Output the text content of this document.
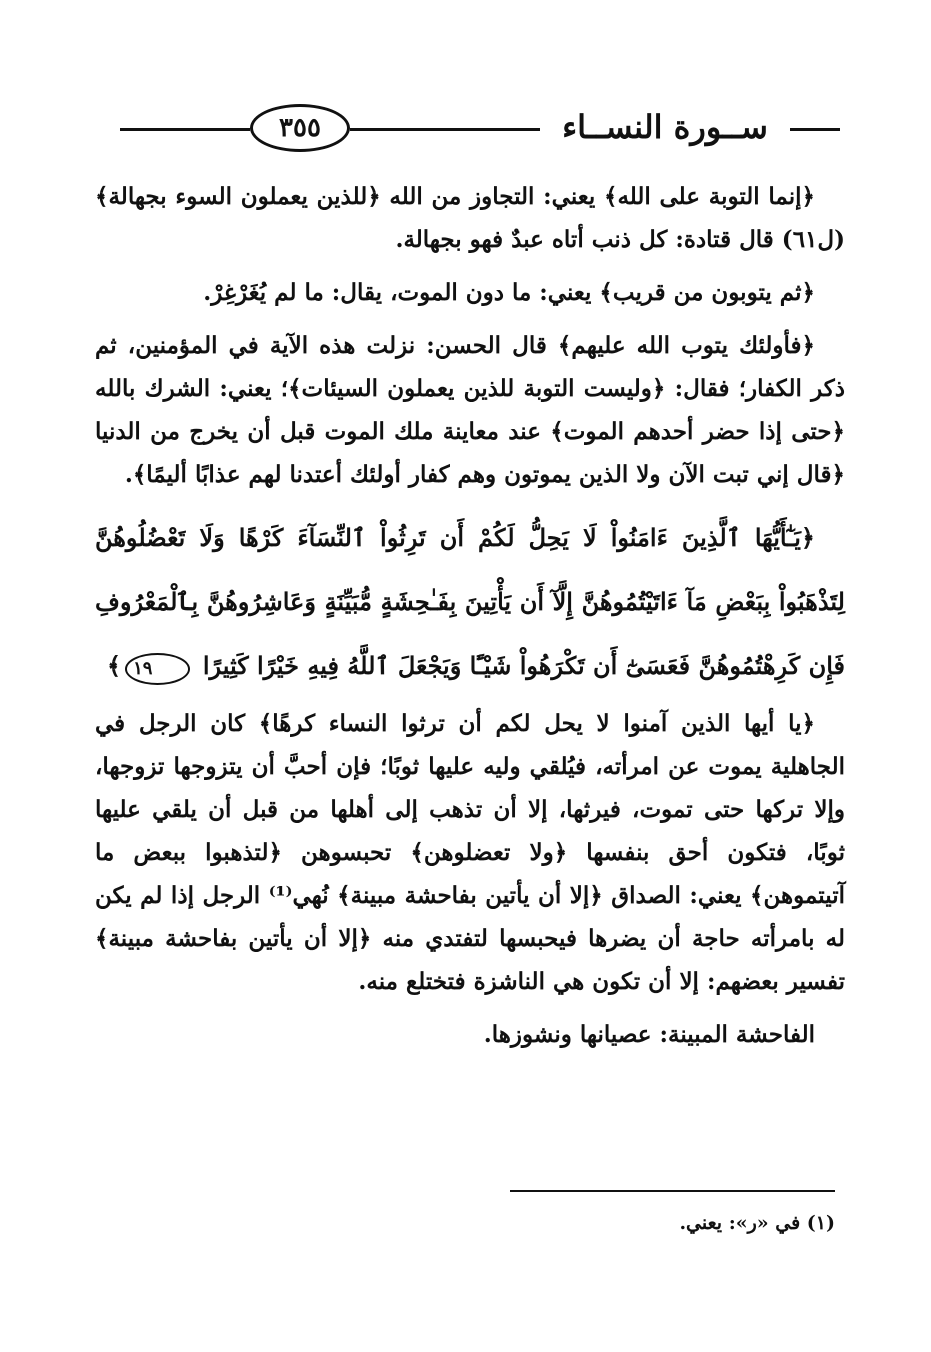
٣٥٥	ســورة النســاء

﴿إنما التوبة على الله﴾ يعني: التجاوز من الله ﴿للذين يعملون السوء بجهالة﴾ (ل٦١) قال قتادة: كل ذنب أتاه عبدٌ فهو بجهالة.

﴿ثم يتوبون من قريب﴾ يعني: ما دون الموت، يقال: ما لم يُغَرْغِرْ.

﴿فأولئك يتوب الله عليهم﴾ قال الحسن: نزلت هذه الآية في المؤمنين، ثم ذكر الكفار؛ فقال: ﴿وليست التوبة للذين يعملون السيئات﴾؛ يعني: الشرك بالله ﴿حتى إذا حضر أحدهم الموت﴾ عند معاينة ملك الموت قبل أن يخرج من الدنيا ﴿قال إني تبت الآن ولا الذين يموتون وهم كفار أولئك أعتدنا لهم عذابًا أليمًا﴾.

﴿يَـٰٓأَيُّهَا ٱلَّذِينَ ءَامَنُواْ لَا يَحِلُّ لَكُمْ أَن تَرِثُواْ ٱلنِّسَآءَ كَرْهًا وَلَا تَعْضُلُوهُنَّ لِتَذْهَبُواْ بِبَعْضِ مَآ ءَاتَيْتُمُوهُنَّ إِلَّآ أَن يَأْتِينَ بِفَـٰحِشَةٍ مُّبَيِّنَةٍ وَعَاشِرُوهُنَّ بِٱلْمَعْرُوفِ فَإِن كَرِهْتُمُوهُنَّ فَعَسَىٰٓ أَن تَكْرَهُواْ شَيْـًٔا وَيَجْعَلَ ٱللَّهُ فِيهِ خَيْرًا كَثِيرًا ١٩﴾

﴿يا أيها الذين آمنوا لا يحل لكم أن ترثوا النساء كرهًا﴾ كان الرجل في الجاهلية يموت عن امرأته، فيُلقي وليه عليها ثوبًا؛ فإن أحبَّ أن يتزوجها تزوجها، وإلا تركها حتى تموت، فيرثها، إلا أن تذهب إلى أهلها من قبل أن يلقي عليها ثوبًا، فتكون أحق بنفسها ﴿ولا تعضلوهن﴾ تحبسوهن ﴿لتذهبوا ببعض ما آتيتموهن﴾ يعني: الصداق ﴿إلا أن يأتين بفاحشة مبينة﴾ نُهي⁽¹⁾ الرجل إذا لم يكن له بامرأته حاجة أن يضرها فيحبسها لتفتدي منه ﴿إلا أن يأتين بفاحشة مبينة﴾ تفسير بعضهم: إلا أن تكون هي الناشزة فتختلع منه.

الفاحشة المبينة: عصيانها ونشوزها.

(١) في «ر»: يعني.
